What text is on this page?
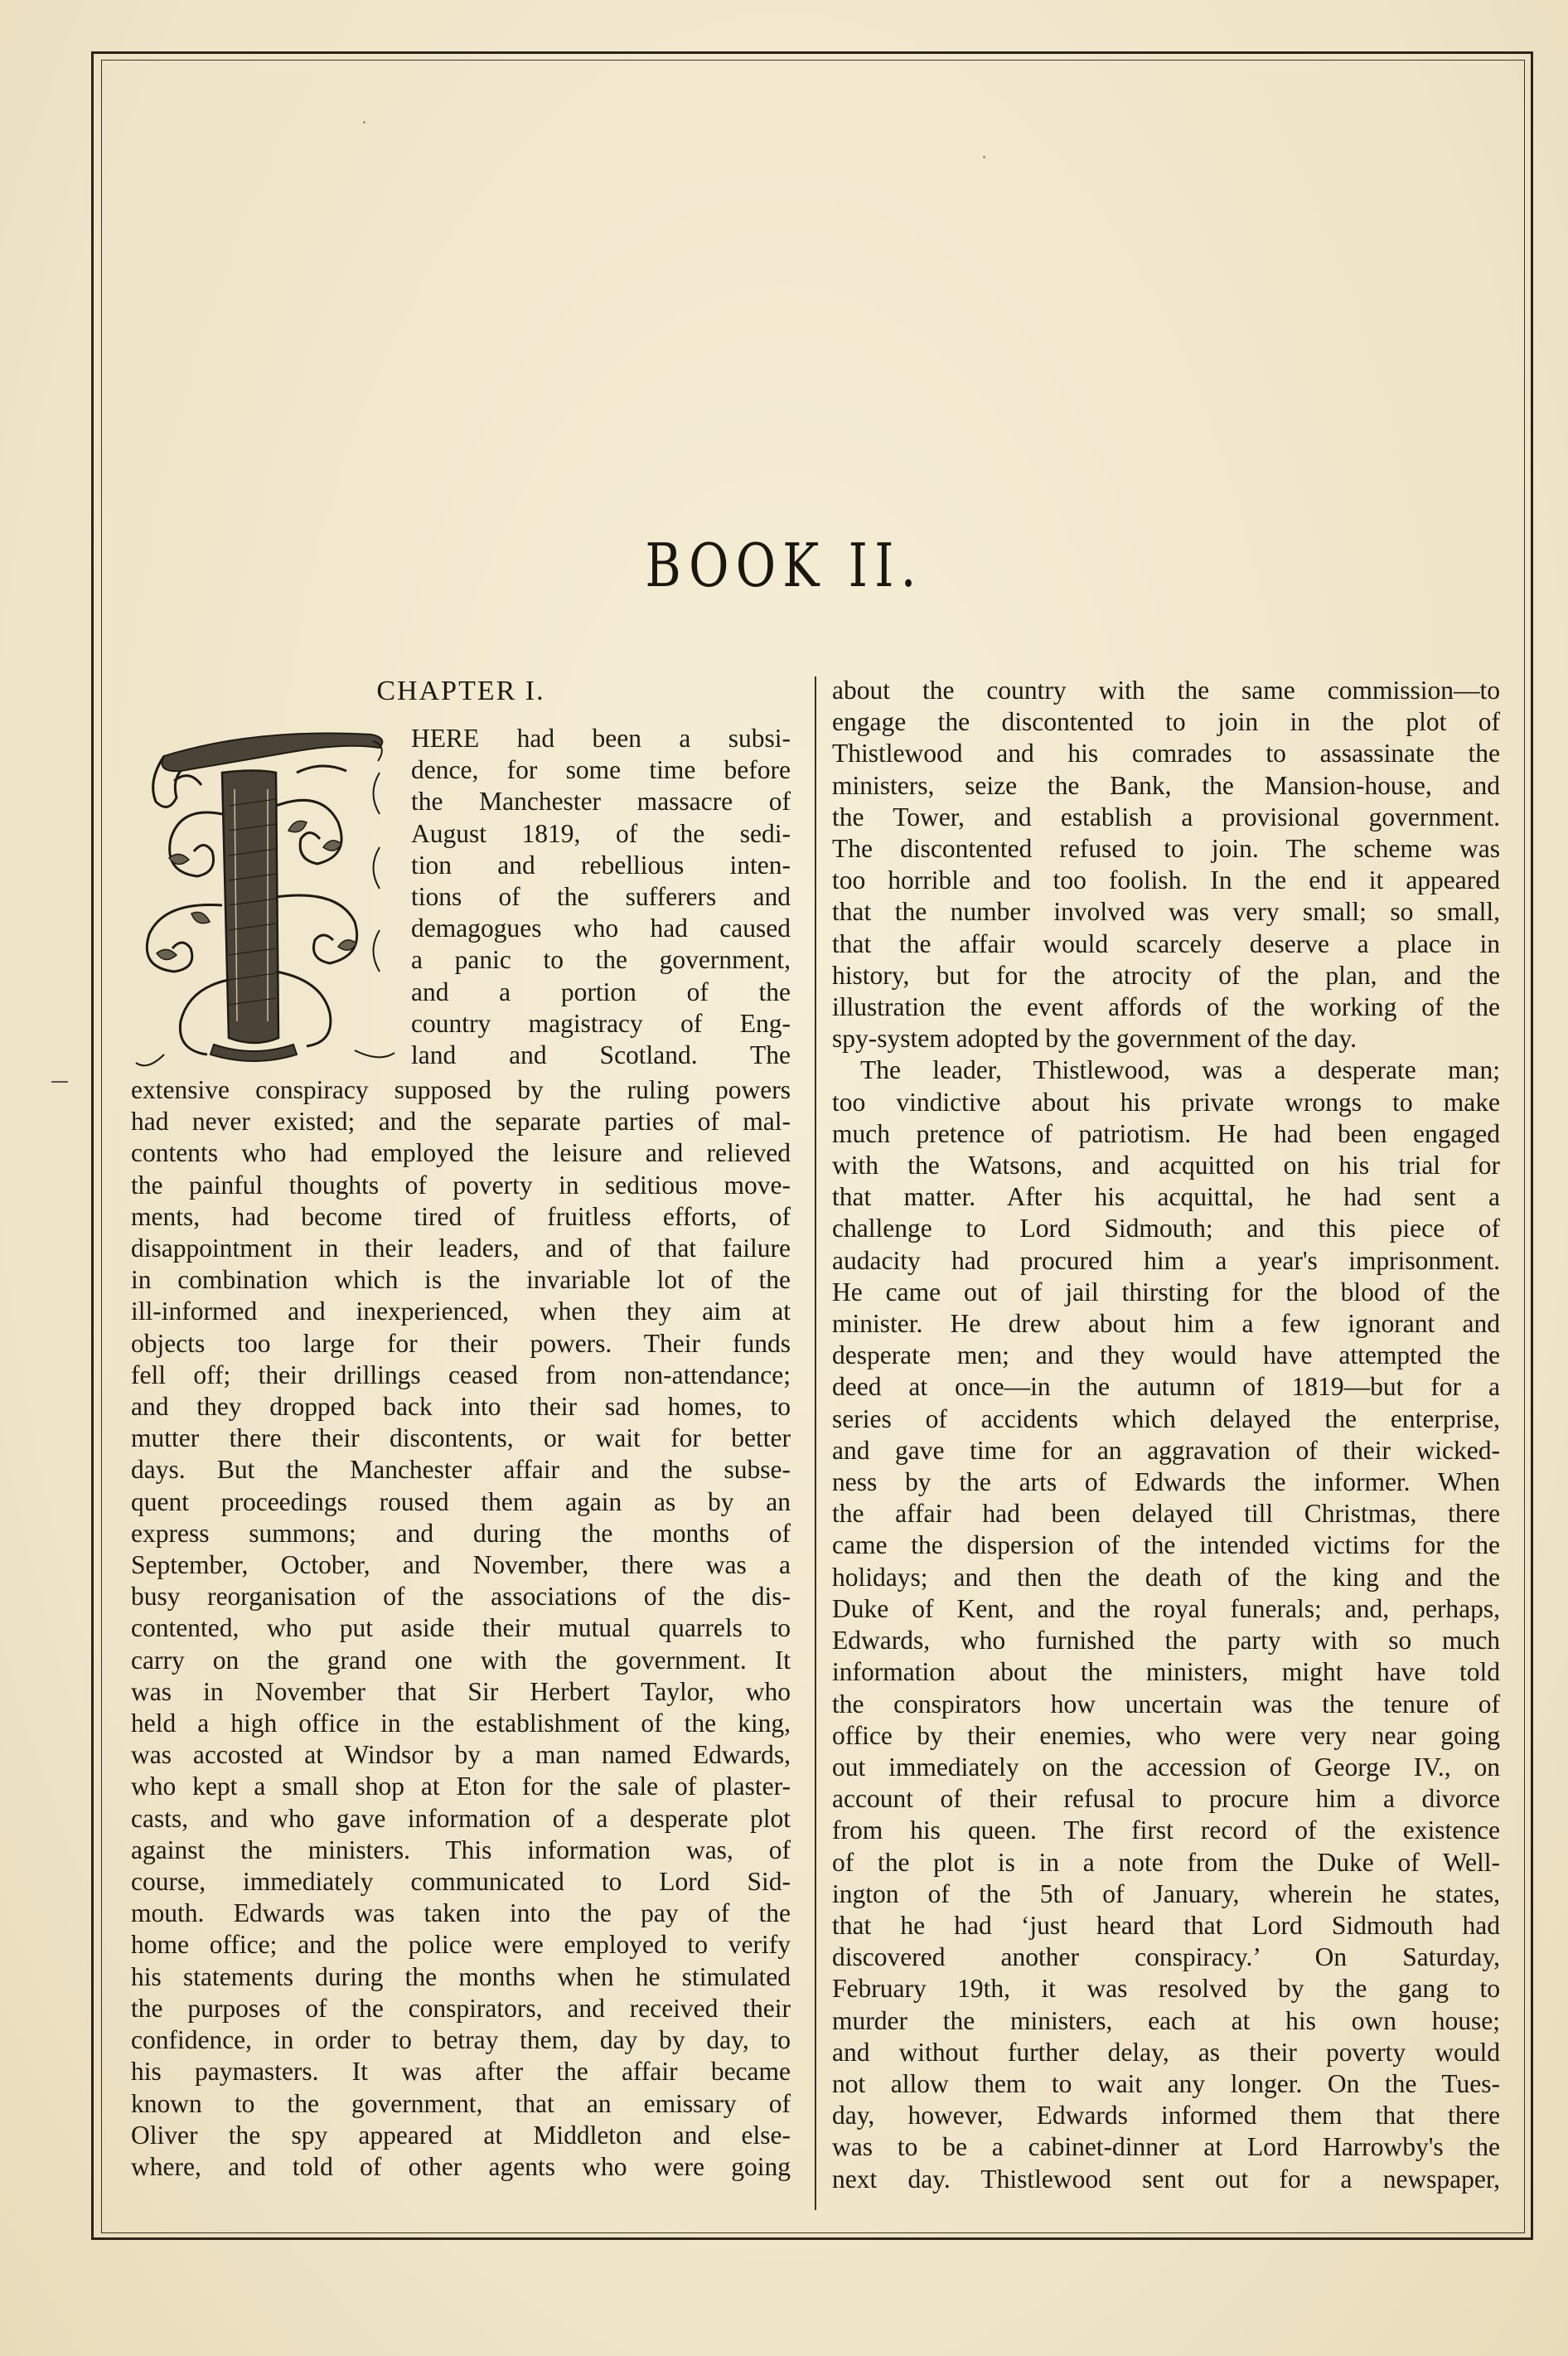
BOOK II.
CHAPTER I.
HERE had been a subsi-
dence, for some time before
the Manchester massacre of
August 1819, of the sedi-
tion and rebellious inten-
tions of the sufferers and
demagogues who had caused
a panic to the government,
and a portion of the
country magistracy of Eng-
land and Scotland. The
extensive conspiracy supposed by the ruling powers
had never existed; and the separate parties of mal-
contents who had employed the leisure and relieved
the painful thoughts of poverty in seditious move-
ments, had become tired of fruitless efforts, of
disappointment in their leaders, and of that failure
in combination which is the invariable lot of the
ill-informed and inexperienced, when they aim at
objects too large for their powers. Their funds
fell off; their drillings ceased from non-attendance;
and they dropped back into their sad homes, to
mutter there their discontents, or wait for better
days. But the Manchester affair and the subse-
quent proceedings roused them again as by an
express summons; and during the months of
September, October, and November, there was a
busy reorganisation of the associations of the dis-
contented, who put aside their mutual quarrels to
carry on the grand one with the government. It
was in November that Sir Herbert Taylor, who
held a high office in the establishment of the king,
was accosted at Windsor by a man named Edwards,
who kept a small shop at Eton for the sale of plaster-
casts, and who gave information of a desperate plot
against the ministers. This information was, of
course, immediately communicated to Lord Sid-
mouth. Edwards was taken into the pay of the
home office; and the police were employed to verify
his statements during the months when he stimulated
the purposes of the conspirators, and received their
confidence, in order to betray them, day by day, to
his paymasters. It was after the affair became
known to the government, that an emissary of
Oliver the spy appeared at Middleton and else-
where, and told of other agents who were going
about the country with the same commission—to
engage the discontented to join in the plot of
Thistlewood and his comrades to assassinate the
ministers, seize the Bank, the Mansion-house, and
the Tower, and establish a provisional government.
The discontented refused to join. The scheme was
too horrible and too foolish. In the end it appeared
that the number involved was very small; so small,
that the affair would scarcely deserve a place in
history, but for the atrocity of the plan, and the
illustration the event affords of the working of the
spy-system adopted by the government of the day.
The leader, Thistlewood, was a desperate man;
too vindictive about his private wrongs to make
much pretence of patriotism. He had been engaged
with the Watsons, and acquitted on his trial for
that matter. After his acquittal, he had sent a
challenge to Lord Sidmouth; and this piece of
audacity had procured him a year's imprisonment.
He came out of jail thirsting for the blood of the
minister. He drew about him a few ignorant and
desperate men; and they would have attempted the
deed at once—in the autumn of 1819—but for a
series of accidents which delayed the enterprise,
and gave time for an aggravation of their wicked-
ness by the arts of Edwards the informer. When
the affair had been delayed till Christmas, there
came the dispersion of the intended victims for the
holidays; and then the death of the king and the
Duke of Kent, and the royal funerals; and, perhaps,
Edwards, who furnished the party with so much
information about the ministers, might have told
the conspirators how uncertain was the tenure of
office by their enemies, who were very near going
out immediately on the accession of George IV., on
account of their refusal to procure him a divorce
from his queen. The first record of the existence
of the plot is in a note from the Duke of Well-
ington of the 5th of January, wherein he states,
that he had ‘just heard that Lord Sidmouth had
discovered another conspiracy.’ On Saturday,
February 19th, it was resolved by the gang to
murder the ministers, each at his own house;
and without further delay, as their poverty would
not allow them to wait any longer. On the Tues-
day, however, Edwards informed them that there
was to be a cabinet-dinner at Lord Harrowby's the
next day. Thistlewood sent out for a newspaper,
